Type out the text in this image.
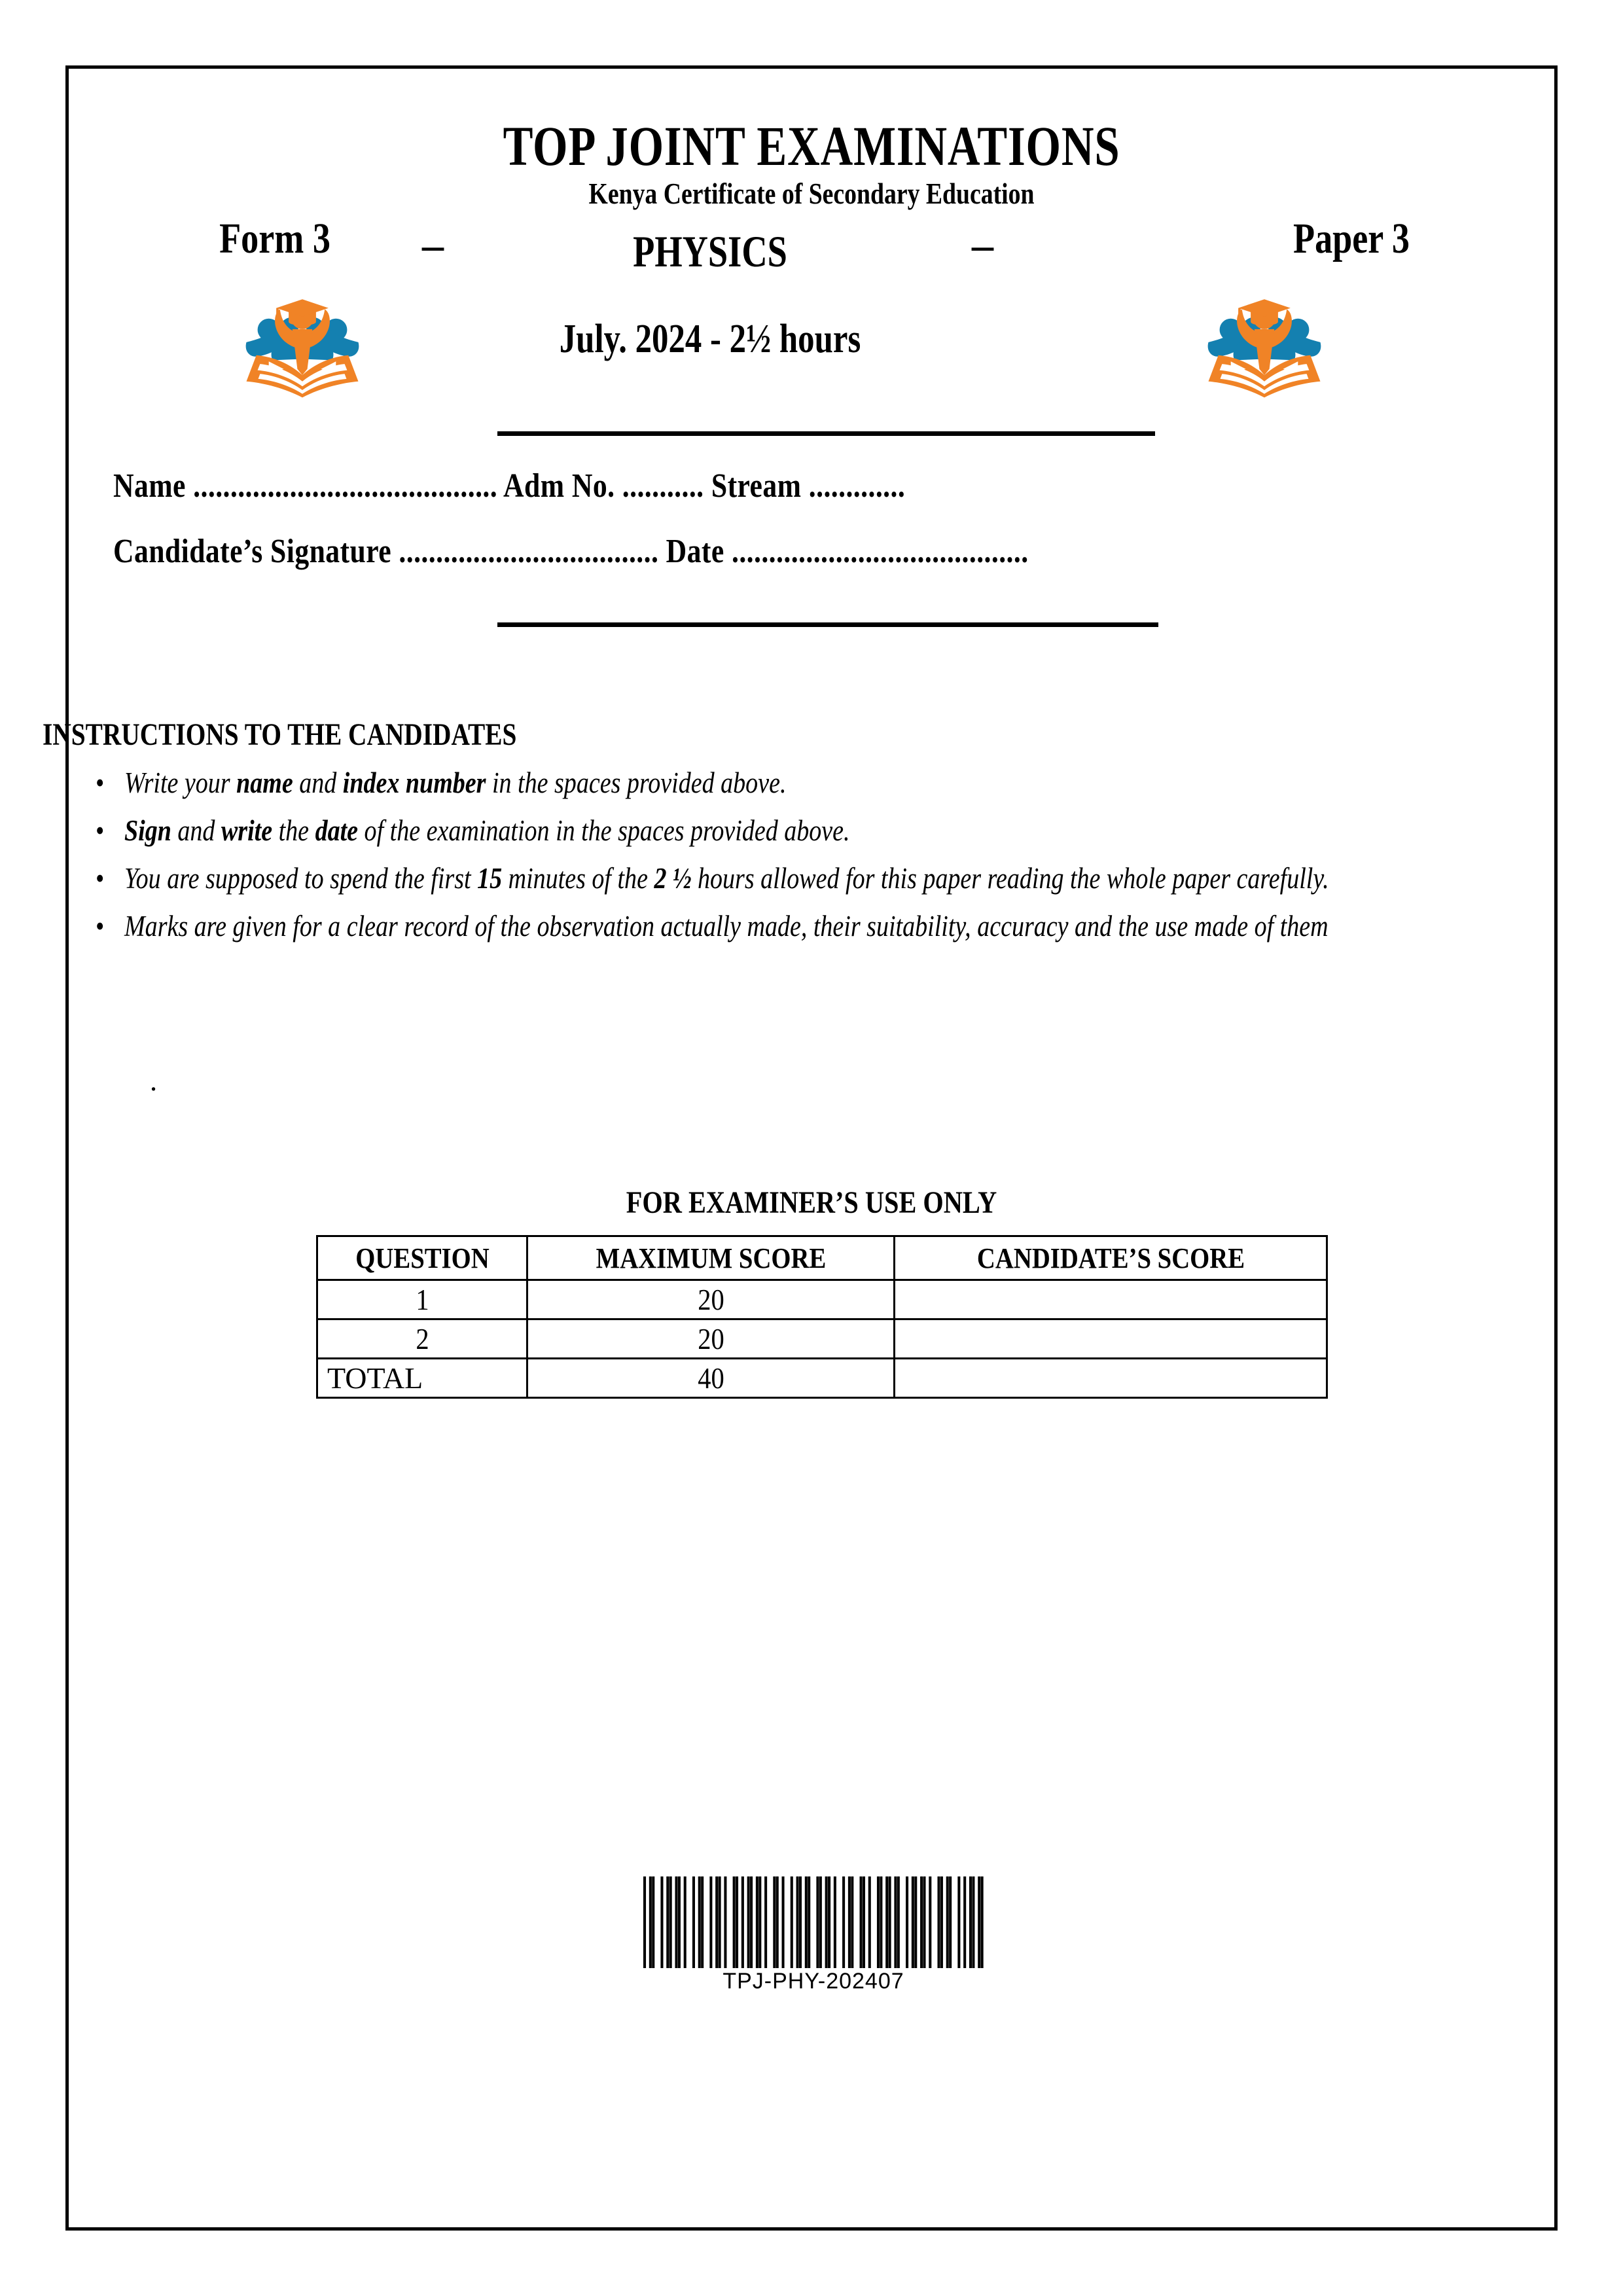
TOP JOINT EXAMINATIONS
Kenya Certificate of Secondary Education
Form 3	–	PHYSICS	–	Paper 3
July. 2024 - 2½ hours
Name ......................................... Adm No. ........... Stream .............
Candidate’s Signature ................................... Date ........................................
INSTRUCTIONS TO THE CANDIDATES
• Write your name and index number in the spaces provided above.
• Sign and write the date of the examination in the spaces provided above.
• You are supposed to spend the first 15 minutes of the 2 ½ hours allowed for this paper reading the whole paper carefully.
• Marks are given for a clear record of the observation actually made, their suitability, accuracy and the use made of them
.
FOR EXAMINER’S USE ONLY
QUESTION	MAXIMUM SCORE	CANDIDATE’S SCORE
1	20	
2	20	
TOTAL	40	
TPJ-PHY-202407
